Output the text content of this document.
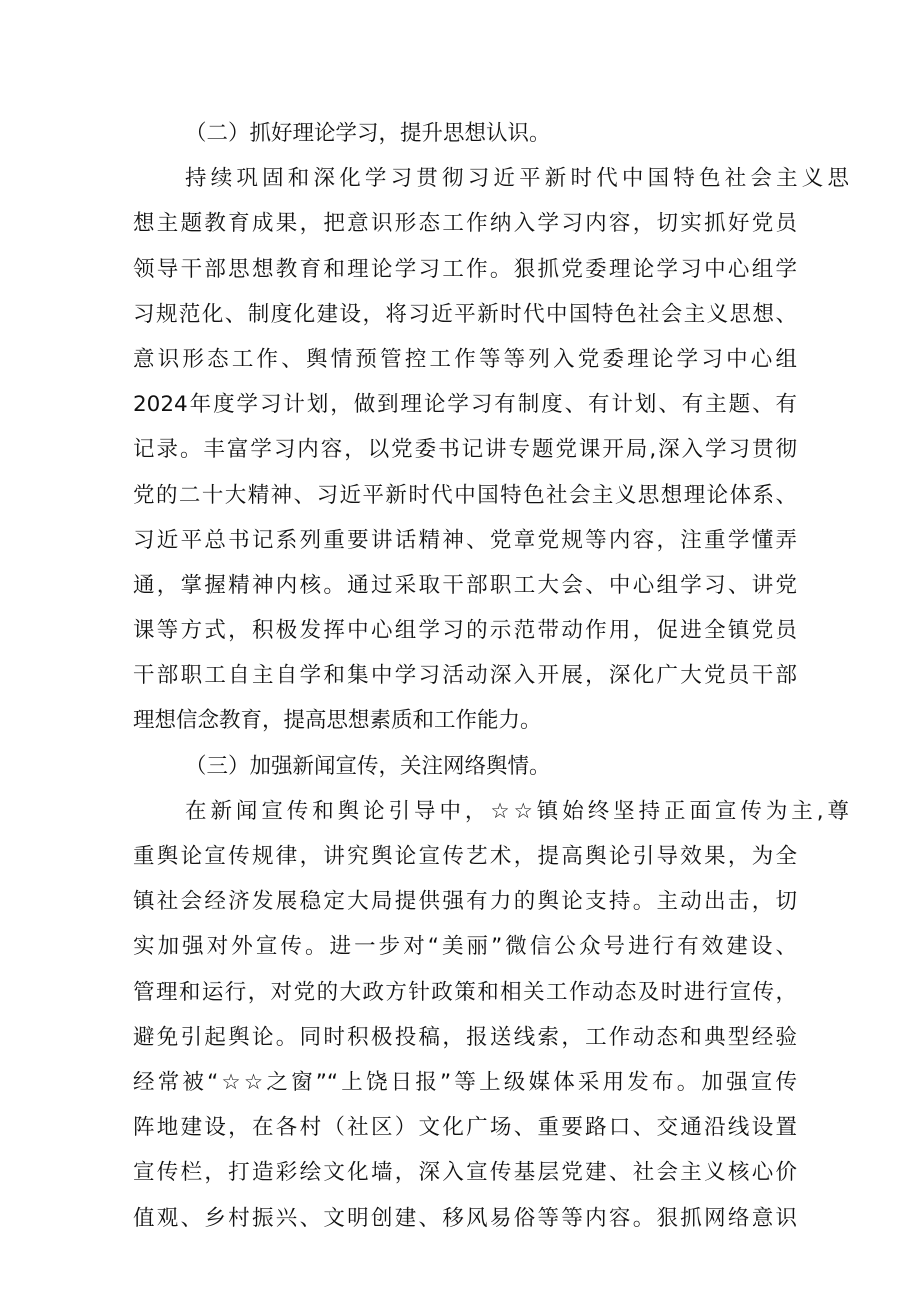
（二）抓好理论学习，提升思想认识。
持续巩固和深化学习贯彻习近平新时代中国特色社会主义思
想主题教育成果，把意识形态工作纳入学习内容，切实抓好党员
领导干部思想教育和理论学习工作。狠抓党委理论学习中心组学
习规范化、制度化建设，将习近平新时代中国特色社会主义思想、
意识形态工作、舆情预管控工作等等列入党委理论学习中心组
2024年度学习计划，做到理论学习有制度、有计划、有主题、有
记录。丰富学习内容，以党委书记讲专题党课开局,深入学习贯彻
党的二十大精神、习近平新时代中国特色社会主义思想理论体系、
习近平总书记系列重要讲话精神、党章党规等内容，注重学懂弄
通，掌握精神内核。通过采取干部职工大会、中心组学习、讲党
课等方式，积极发挥中心组学习的示范带动作用，促进全镇党员
干部职工自主自学和集中学习活动深入开展，深化广大党员干部
理想信念教育，提高思想素质和工作能力。
（三）加强新闻宣传，关注网络舆情。
在新闻宣传和舆论引导中，☆☆镇始终坚持正面宣传为主,尊
重舆论宣传规律，讲究舆论宣传艺术，提高舆论引导效果，为全
镇社会经济发展稳定大局提供强有力的舆论支持。主动出击，切
实加强对外宣传。进一步对“美丽”微信公众号进行有效建设、
管理和运行，对党的大政方针政策和相关工作动态及时进行宣传，
避免引起舆论。同时积极投稿，报送线索，工作动态和典型经验
经常被“☆☆之窗”“上饶日报”等上级媒体采用发布。加强宣传
阵地建设，在各村（社区）文化广场、重要路口、交通沿线设置
宣传栏，打造彩绘文化墙，深入宣传基层党建、社会主义核心价
值观、乡村振兴、文明创建、移风易俗等等内容。狠抓网络意识
